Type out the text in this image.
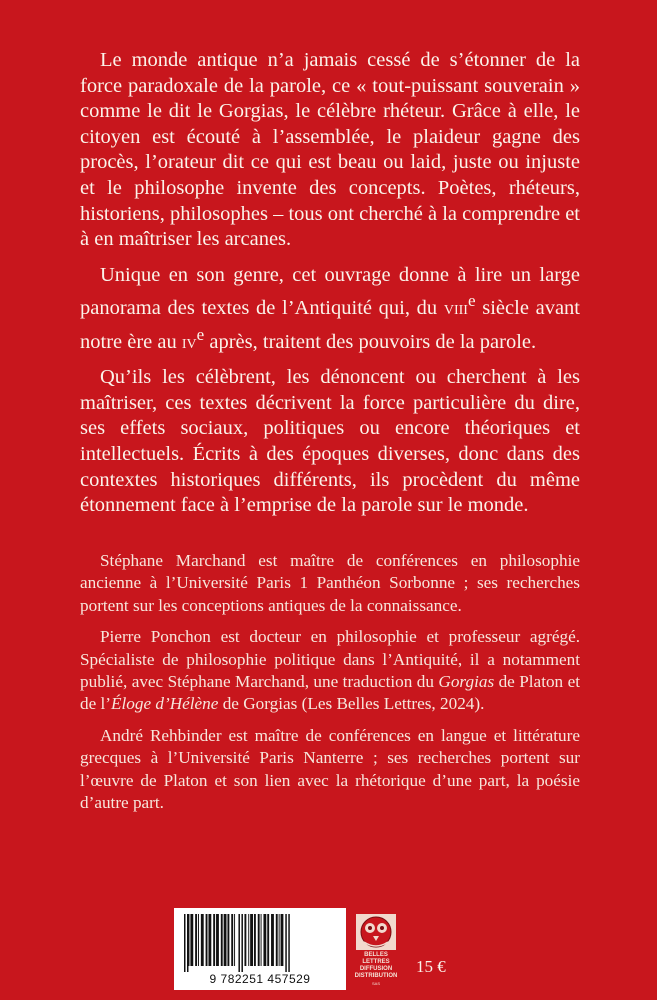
Le monde antique n’a jamais cessé de s’étonner de la force paradoxale de la parole, ce « tout-puissant souverain » comme le dit le Gorgias, le célèbre rhéteur. Grâce à elle, le citoyen est écouté à l’assemblée, le plaideur gagne des procès, l’orateur dit ce qui est beau ou laid, juste ou injuste et le philosophe invente des concepts. Poètes, rhéteurs, historiens, philosophes – tous ont cherché à la comprendre et à en maîtriser les arcanes.

Unique en son genre, cet ouvrage donne à lire un large panorama des textes de l’Antiquité qui, du viii$^e$ siècle avant notre ère au $iv^e$ après, traitent des pouvoirs de la parole.

Qu’ils les célèbrent, les dénoncent ou cherchent à les maîtriser, ces textes décrivent la force particulière du dire, ses effets sociaux, politiques ou encore théoriques et intellectuels. Écrits à des époques diverses, donc dans des contextes historiques différents, ils procèdent du même étonnement face à l’emprise de la parole sur le monde.

Stéphane Marchand est maître de conférences en philosophie ancienne à l’Université Paris 1 Panthéon Sorbonne ; ses recherches portent sur les conceptions antiques de la connaissance.

Pierre Ponchon est docteur en philosophie et professeur agrégé. Spécialiste de philosophie politique dans l’Antiquité, il a notamment publié, avec Stéphane Marchand, une traduction du Gorgias de Platon et de l’Éloge d’Hélène de Gorgias (Les Belles Lettres, 2024).

André Rehbinder est maître de conférences en langue et littérature grecques à l’Université Paris Nanterre ; ses recherches portent sur l’œuvre de Platon et son lien avec la rhétorique d’une part, la poésie d’autre part.

9 782251 457529
BELLES LETTRES
DIFFUSION
DISTRIBUTION
SAS
15 €
